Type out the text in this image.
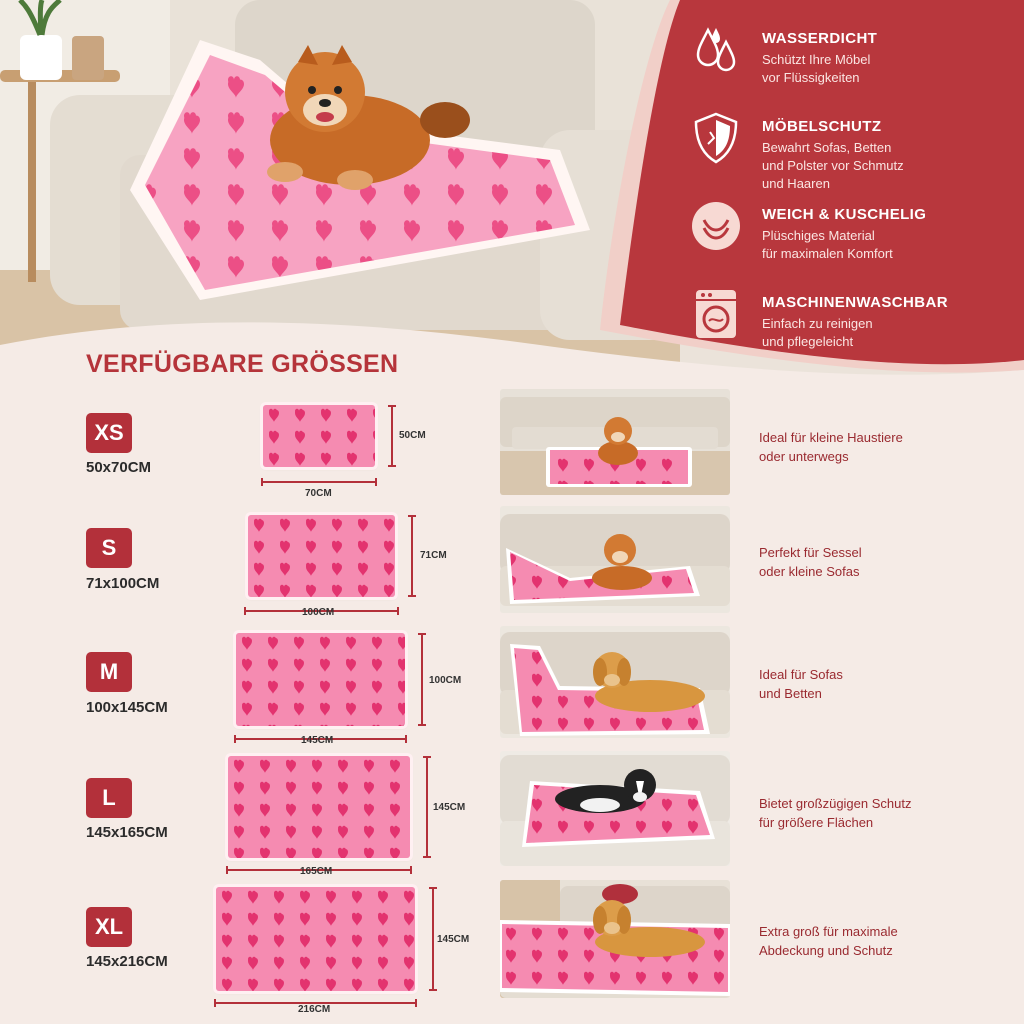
WASSERDICHT
Schützt Ihre Möbel
vor Flüssigkeiten
MÖBELSCHUTZ
Bewahrt Sofas, Betten
und Polster vor Schmutz
und Haaren
WEICH & KUSCHELIG
Plüschiges Material
für maximalen Komfort
MASCHINENWASCHBAR
Einfach zu reinigen
und pflegeleicht
VERFÜGBARE GRÖSSEN
XS
50x70CM
50CM
70CM
Ideal für kleine Haustiere
oder unterwegs
S
71x100CM
71CM
100CM
Perfekt für Sessel
oder kleine Sofas
M
100x145CM
100CM
145CM
Ideal für Sofas
und Betten
L
145x165CM
145CM
165CM
Bietet großzügigen Schutz
für größere Flächen
XL
145x216CM
145CM
216CM
Extra groß für maximale
Abdeckung und Schutz
